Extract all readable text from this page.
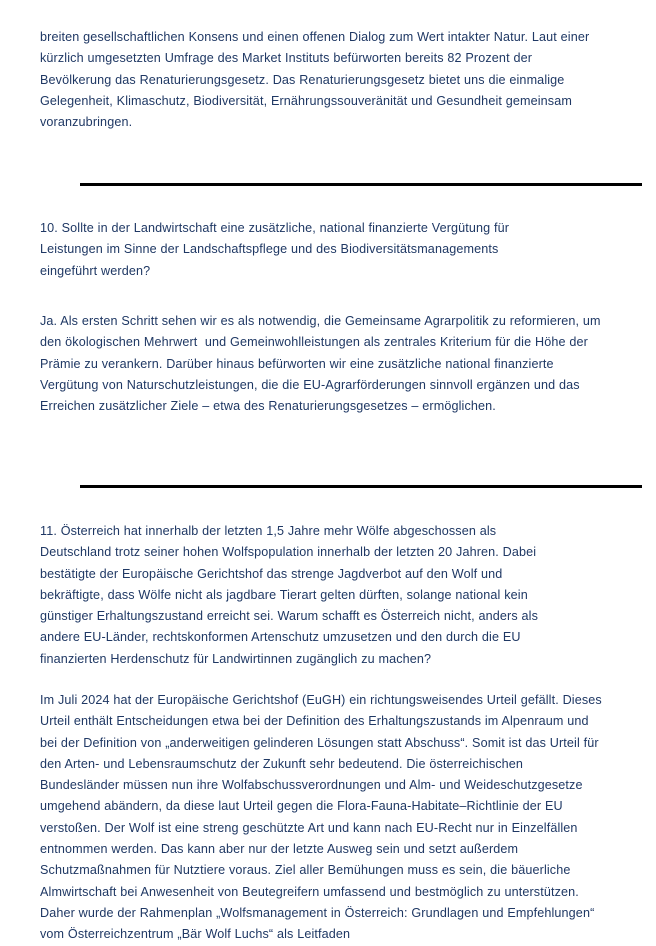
breiten gesellschaftlichen Konsens und einen offenen Dialog zum Wert intakter Natur. Laut einer kürzlich umgesetzten Umfrage des Market Instituts befürworten bereits 82 Prozent der Bevölkerung das Renaturierungsgesetz. Das Renaturierungsgesetz bietet uns die einmalige Gelegenheit, Klimaschutz, Biodiversität, Ernährungssouveränität und Gesundheit gemeinsam voranzubringen.

10. Sollte in der Landwirtschaft eine zusätzliche, national finanzierte Vergütung für Leistungen im Sinne der Landschaftspflege und des Biodiversitätsmanagements eingeführt werden?

Ja. Als ersten Schritt sehen wir es als notwendig, die Gemeinsame Agrarpolitik zu reformieren, um den ökologischen Mehrwert  und Gemeinwohlleistungen als zentrales Kriterium für die Höhe der Prämie zu verankern. Darüber hinaus befürworten wir eine zusätzliche national finanzierte Vergütung von Naturschutzleistungen, die die EU-Agrarförderungen sinnvoll ergänzen und das Erreichen zusätzlicher Ziele – etwa des Renaturierungsgesetzes – ermöglichen.

11. Österreich hat innerhalb der letzten 1,5 Jahre mehr Wölfe abgeschossen als Deutschland trotz seiner hohen Wolfspopulation innerhalb der letzten 20 Jahren. Dabei bestätigte der Europäische Gerichtshof das strenge Jagdverbot auf den Wolf und bekräftigte, dass Wölfe nicht als jagdbare Tierart gelten dürften, solange national kein günstiger Erhaltungszustand erreicht sei. Warum schafft es Österreich nicht, anders als andere EU-Länder, rechtskonformen Artenschutz umzusetzen und den durch die EU finanzierten Herdenschutz für Landwirtinnen zugänglich zu machen?

Im Juli 2024 hat der Europäische Gerichtshof (EuGH) ein richtungsweisendes Urteil gefällt. Dieses Urteil enthält Entscheidungen etwa bei der Definition des Erhaltungszustands im Alpenraum und bei der Definition von „anderweitigen gelinderen Lösungen statt Abschuss“. Somit ist das Urteil für den Arten- und Lebensraumschutz der Zukunft sehr bedeutend. Die österreichischen Bundesländer müssen nun ihre Wolfabschussverordnungen und Alm- und Weideschutzgesetze umgehend abändern, da diese laut Urteil gegen die Flora-Fauna-Habitate–Richtlinie der EU verstoßen. Der Wolf ist eine streng geschützte Art und kann nach EU-Recht nur in Einzelfällen entnommen werden. Das kann aber nur der letzte Ausweg sein und setzt außerdem Schutzmaßnahmen für Nutztiere voraus. Ziel aller Bemühungen muss es sein, die bäuerliche Almwirtschaft bei Anwesenheit von Beutegreifern umfassend und bestmöglich zu unterstützen. Daher wurde der Rahmenplan „Wolfsmanagement in Österreich: Grundlagen und Empfehlungen“ vom Österreichzentrum „Bär Wolf Luchs“ als Leitfaden
